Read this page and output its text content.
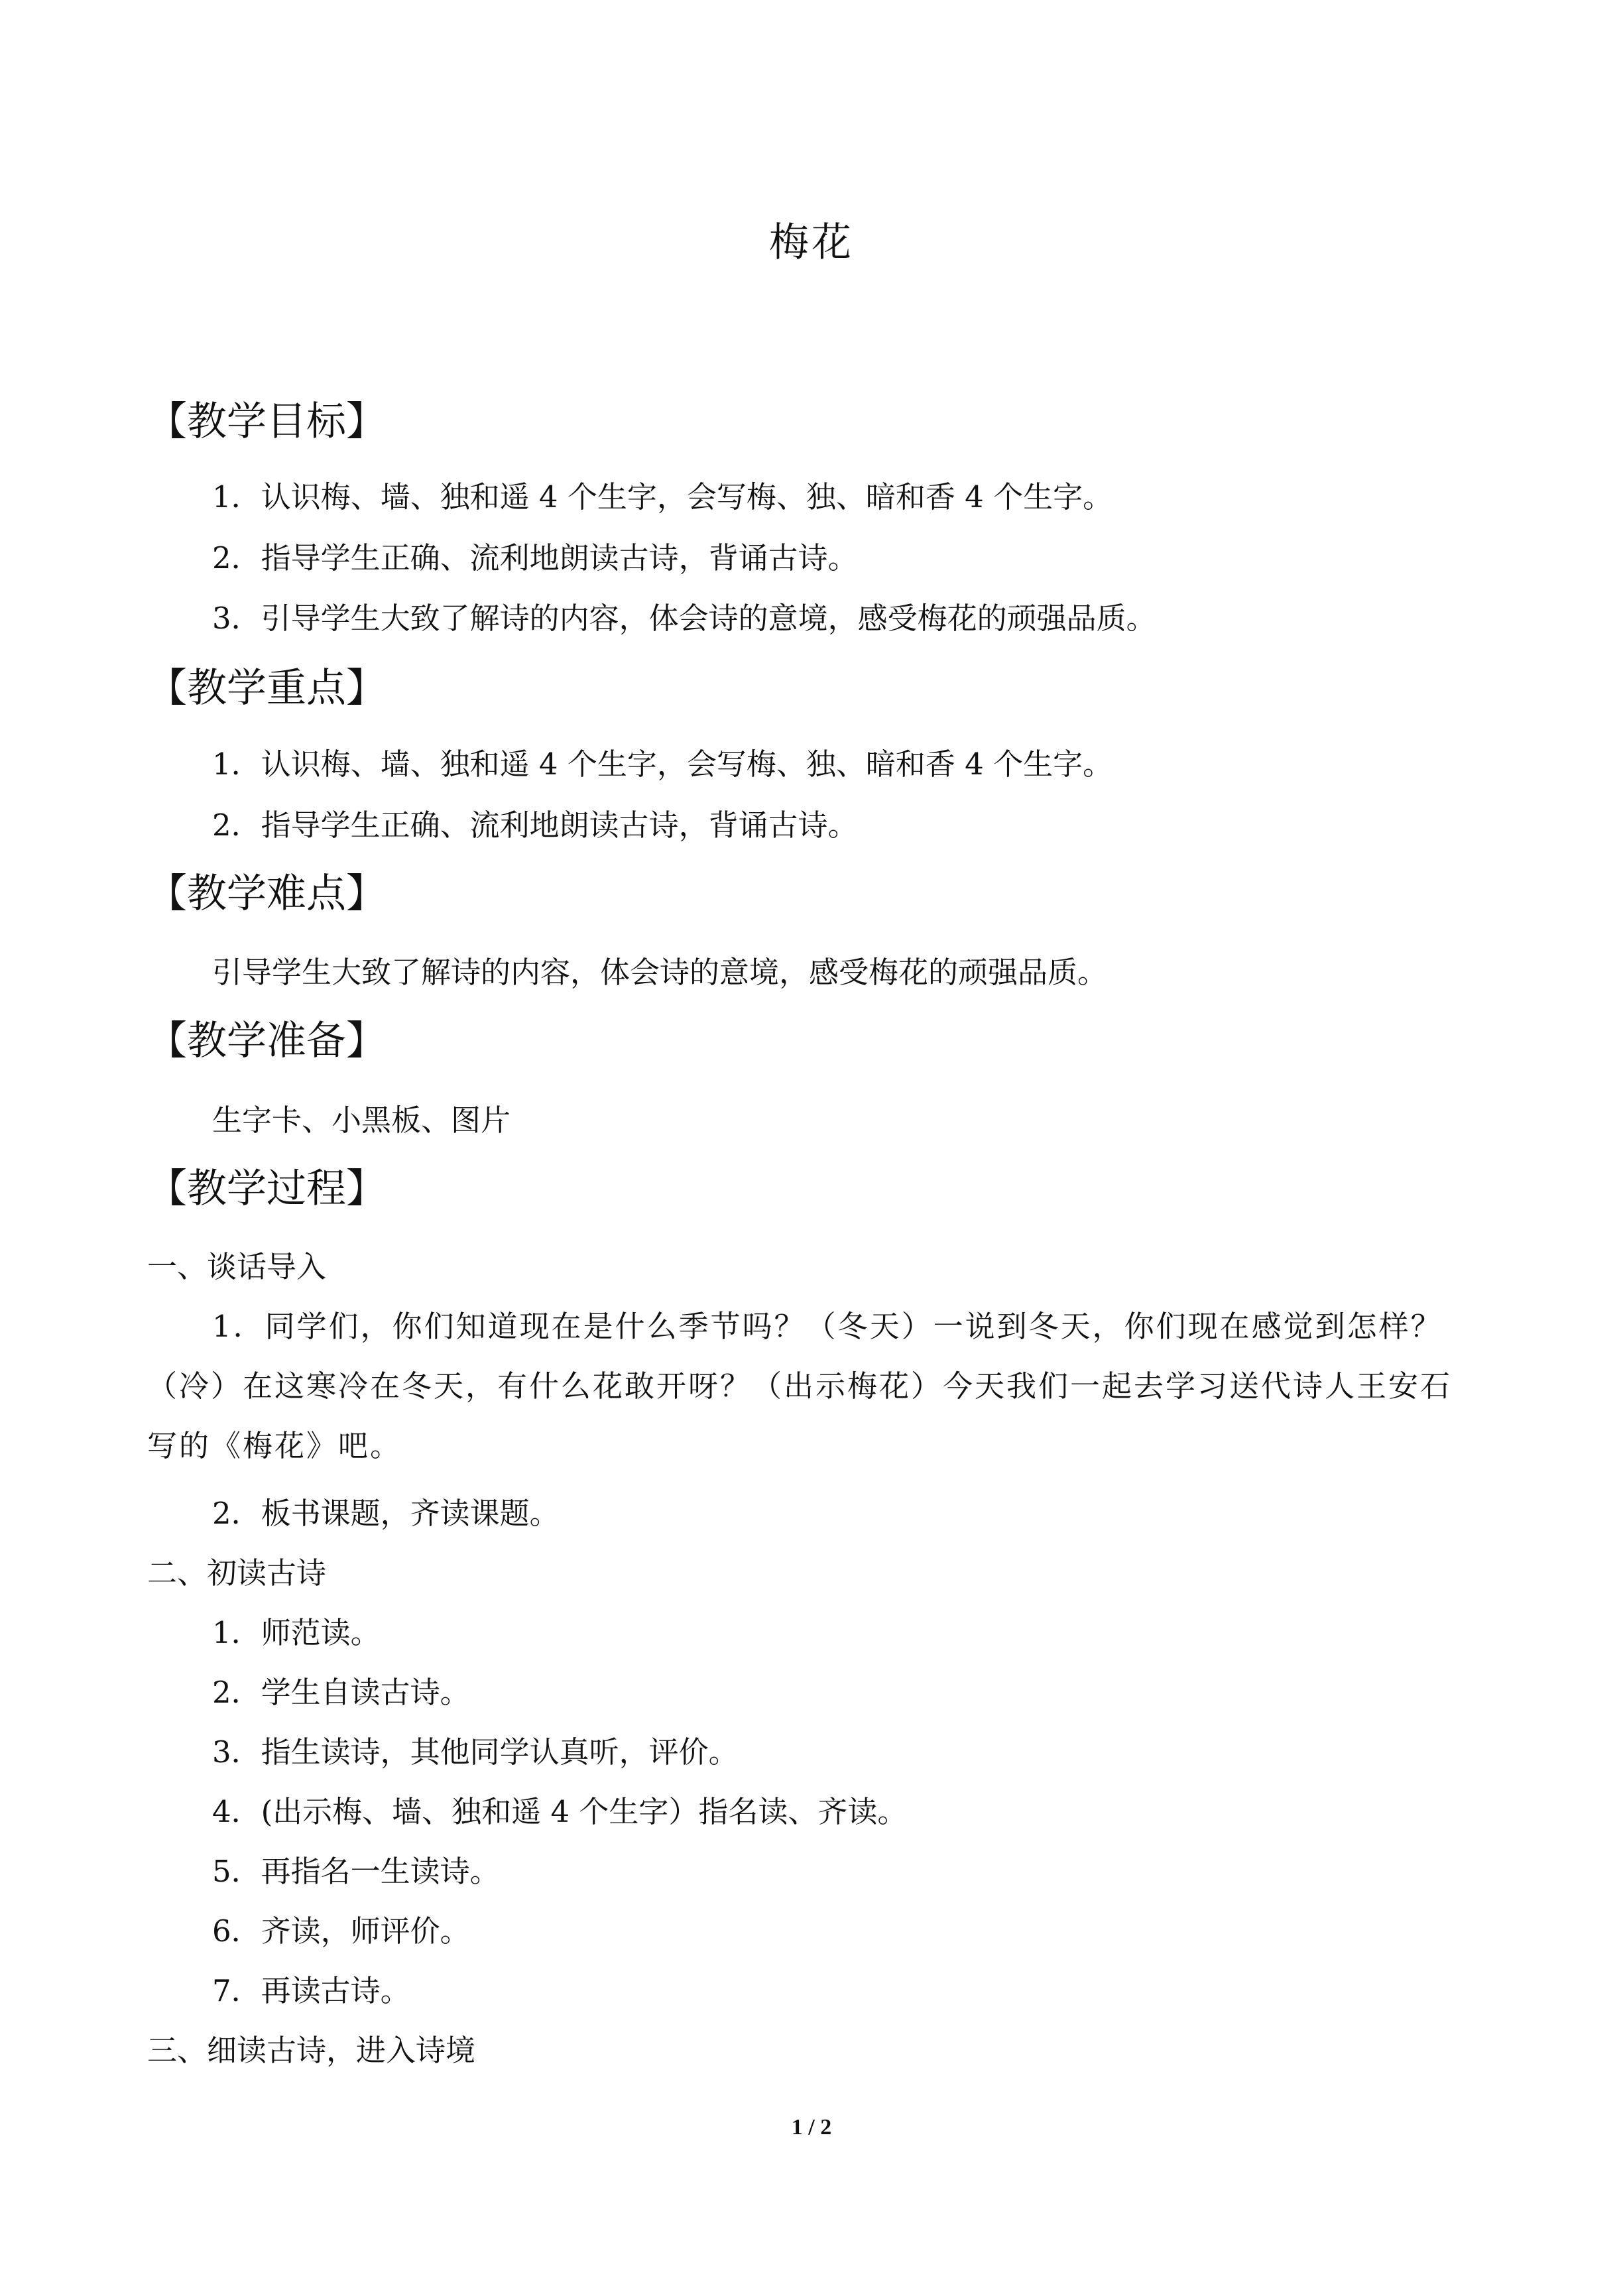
梅花
【教学目标】
1．认识梅、墙、独和遥 4 个生字，会写梅、独、暗和香 4 个生字。
2．指导学生正确、流利地朗读古诗，背诵古诗。
3．引导学生大致了解诗的内容，体会诗的意境，感受梅花的顽强品质。
【教学重点】
1．认识梅、墙、独和遥 4 个生字，会写梅、独、暗和香 4 个生字。
2．指导学生正确、流利地朗读古诗，背诵古诗。
【教学难点】
引导学生大致了解诗的内容，体会诗的意境，感受梅花的顽强品质。
【教学准备】
生字卡、小黑板、图片
【教学过程】
一、谈话导入
1．同学们，你们知道现在是什么季节吗？（冬天）一说到冬天，你们现在感觉到怎样？（冷）在这寒冷在冬天，有什么花敢开呀？（出示梅花）今天我们一起去学习送代诗人王安石写的《梅花》吧。
2．板书课题，齐读课题。
二、初读古诗
1．师范读。
2．学生自读古诗。
3．指生读诗，其他同学认真听，评价。
4．(出示梅、墙、独和遥 4 个生字）指名读、齐读。
5．再指名一生读诗。
6．齐读，师评价。
7．再读古诗。
三、细读古诗，进入诗境
1 / 2
